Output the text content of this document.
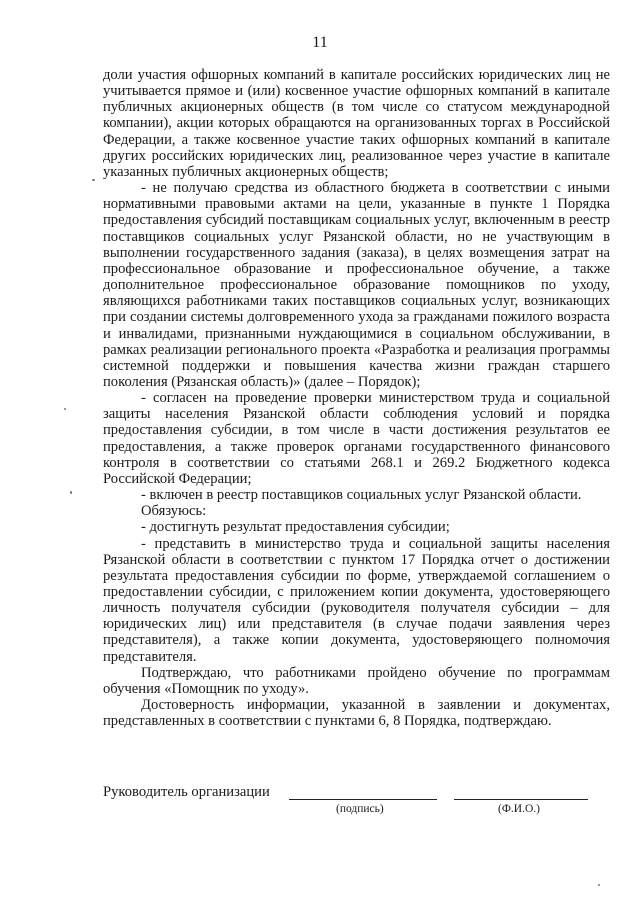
11

доли участия офшорных компаний в капитале российских юридических лиц не учитывается прямое и (или) косвенное участие офшорных компаний в капитале публичных акционерных обществ (в том числе со статусом международной компании), акции которых обращаются на организованных торгах в Российской Федерации, а также косвенное участие таких офшорных компаний в капитале других российских юридических лиц, реализованное через участие в капитале указанных публичных акционерных обществ;

- не получаю средства из областного бюджета в соответствии с иными нормативными правовыми актами на цели, указанные в пункте 1 Порядка предоставления субсидий поставщикам социальных услуг, включенным в реестр поставщиков социальных услуг Рязанской области, но не участвующим в выполнении государственного задания (заказа), в целях возмещения затрат на профессиональное образование и профессиональное обучение, а также дополнительное профессиональное образование помощников по уходу, являющихся работниками таких поставщиков социальных услуг, возникающих при создании системы долговременного ухода за гражданами пожилого возраста и инвалидами, признанными нуждающимися в социальном обслуживании, в рамках реализации регионального проекта «Разработка и реализация программы системной поддержки и повышения качества жизни граждан старшего поколения (Рязанская область)» (далее – Порядок);

- согласен на проведение проверки министерством труда и социальной защиты населения Рязанской области соблюдения условий и порядка предоставления субсидии, в том числе в части достижения результатов ее предоставления, а также проверок органами государственного финансового контроля в соответствии со статьями 268.1 и 269.2 Бюджетного кодекса Российской Федерации;

- включен в реестр поставщиков социальных услуг Рязанской области.

Обязуюсь:

- достигнуть результат предоставления субсидии;

- представить в министерство труда и социальной защиты населения Рязанской области в соответствии с пунктом 17 Порядка отчет о достижении результата предоставления субсидии по форме, утверждаемой соглашением о предоставлении субсидии, с приложением копии документа, удостоверяющего личность получателя субсидии (руководителя получателя субсидии – для юридических лиц) или представителя (в случае подачи заявления через представителя), а также копии документа, удостоверяющего полномочия представителя.

Подтверждаю, что работниками пройдено обучение по программам обучения «Помощник по уходу».

Достоверность информации, указанной в заявлении и документах, представленных в соответствии с пунктами 6, 8 Порядка, подтверждаю.

Руководитель организации
(подпись)	(Ф.И.О.)
